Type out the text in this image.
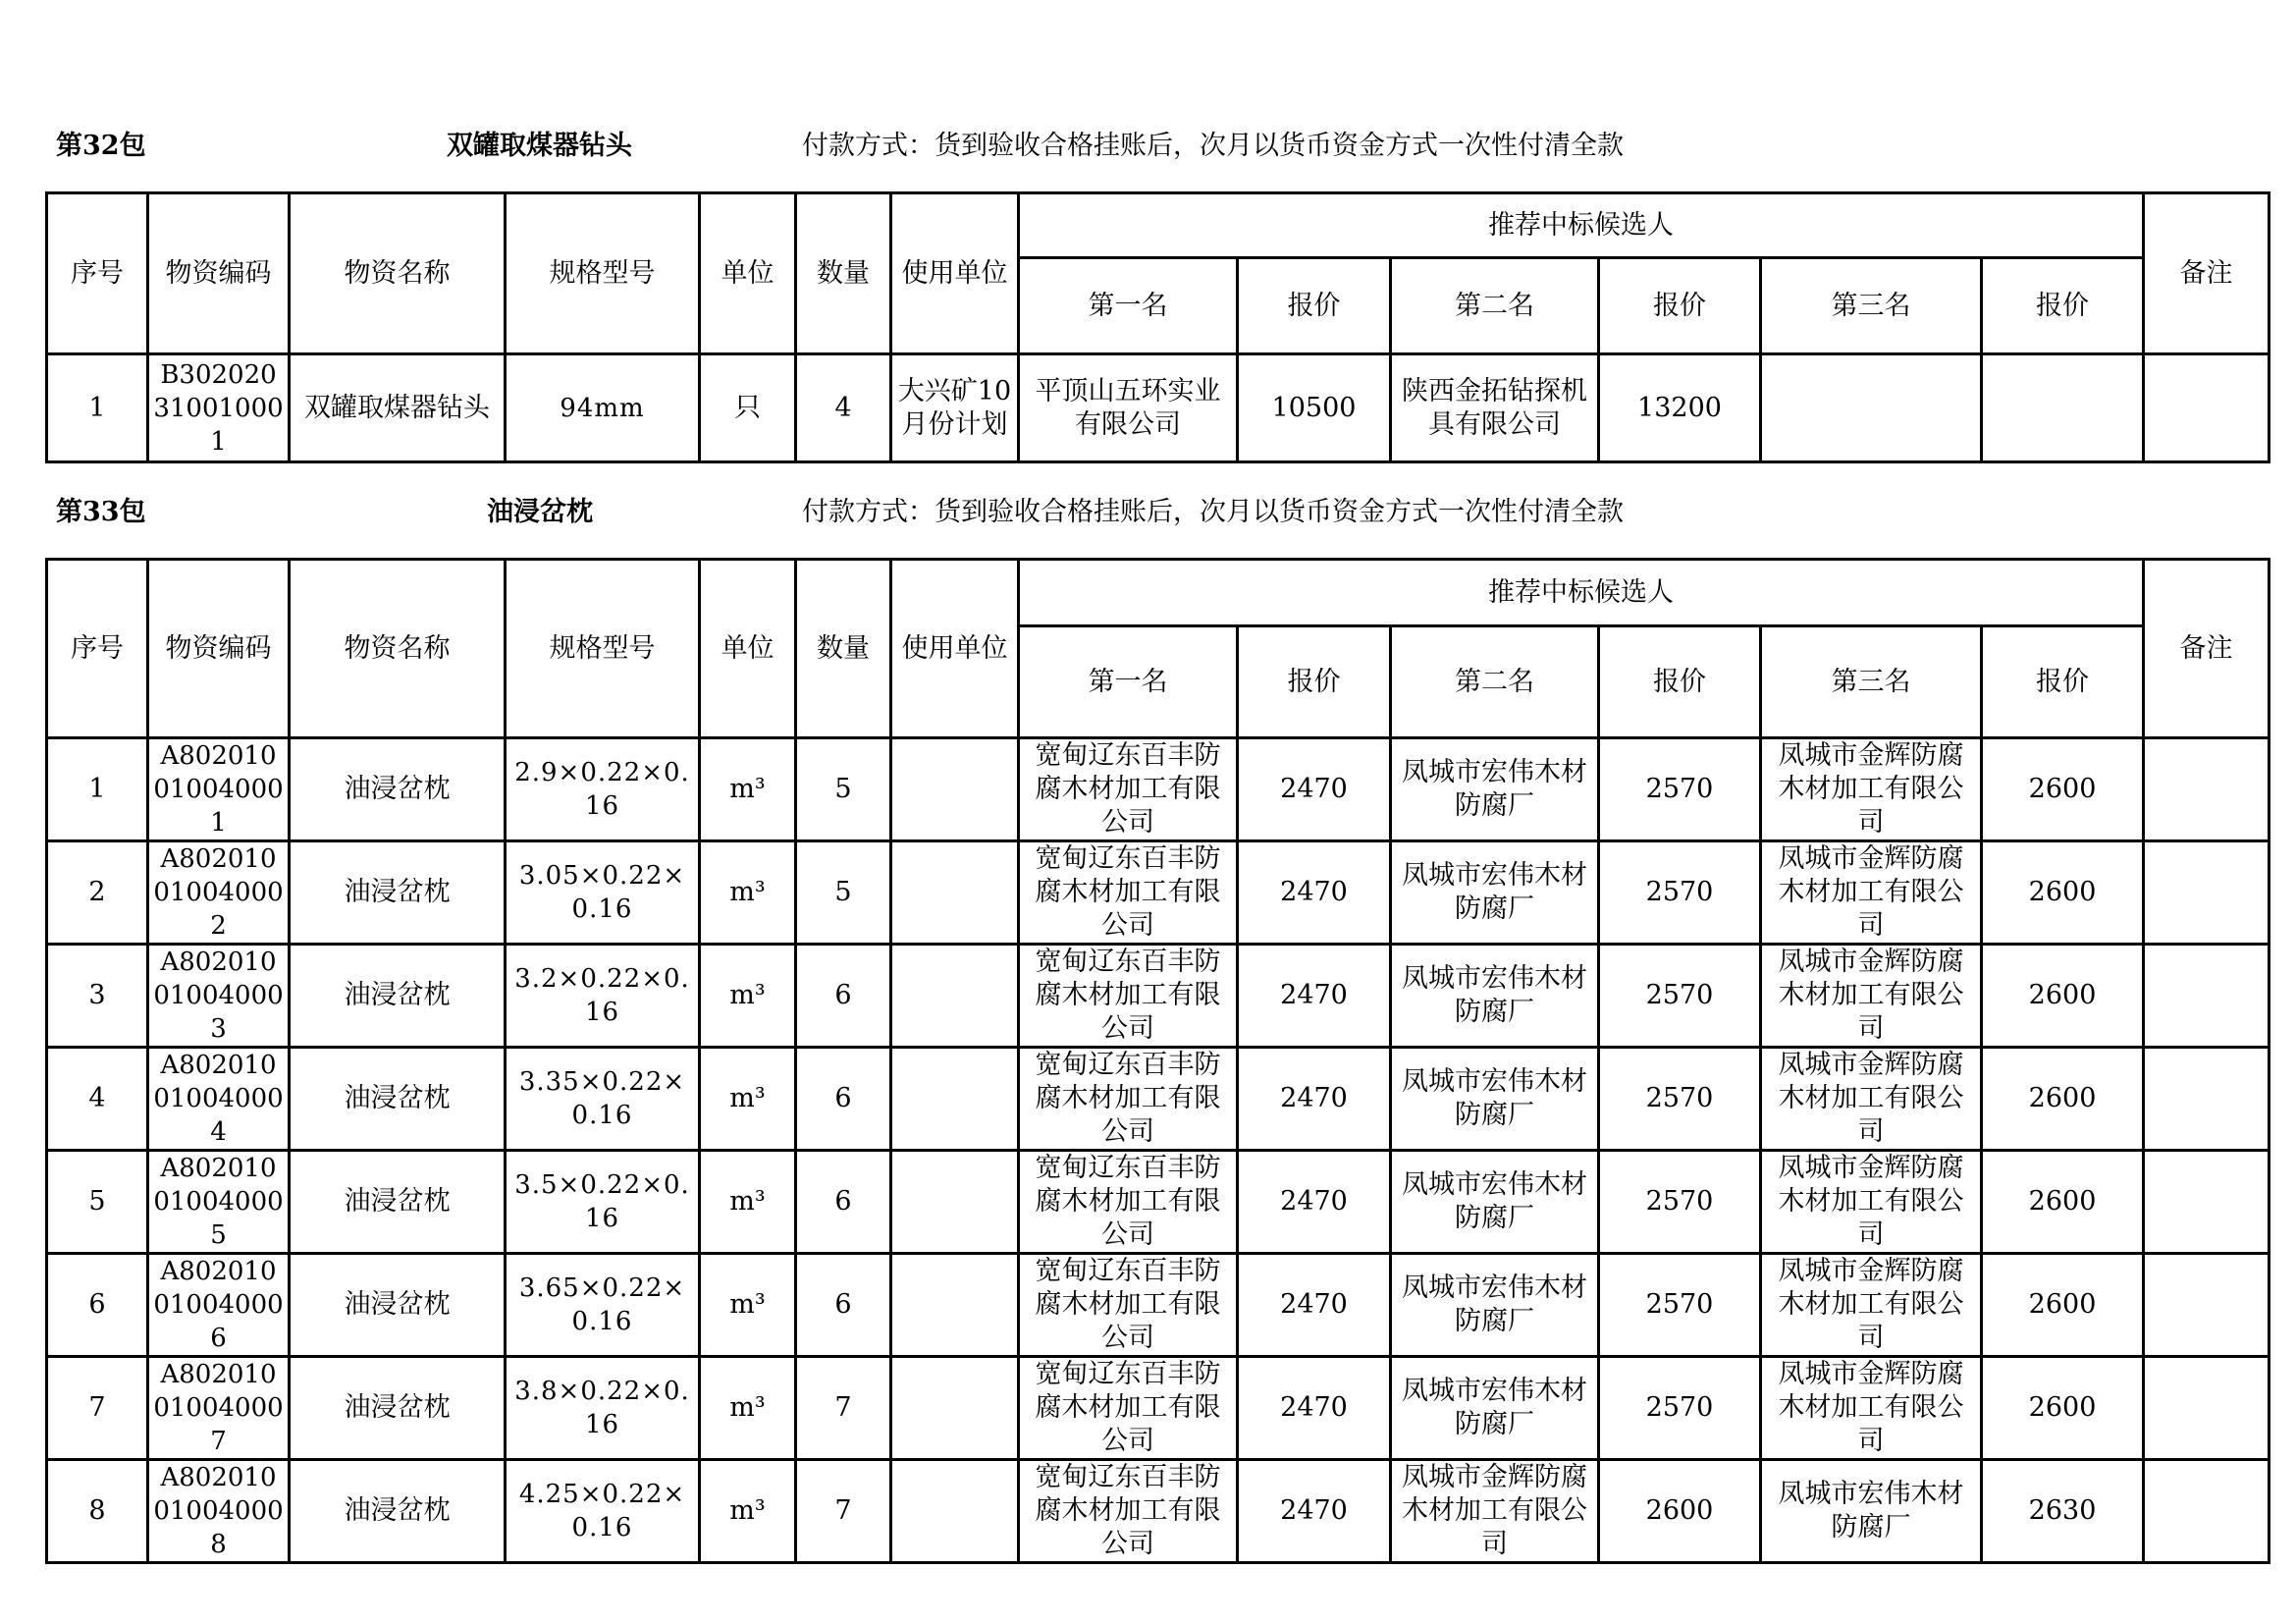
第32包	双罐取煤器钻头	付款方式：货到验收合格挂账后，次月以货币资金方式一次性付清全款
序号	物资编码	物资名称	规格型号	单位	数量	使用单位	推荐中标候选人						备注
							第一名	报价	第二名	报价	第三名	报价	
1	B302020310010001	双罐取煤器钻头	94mm	只	4	大兴矿10月份计划	平顶山五环实业有限公司	10500	陕西金拓钻探机具有限公司	13200			
第33包	油浸岔枕	付款方式：货到验收合格挂账后，次月以货币资金方式一次性付清全款
序号	物资编码	物资名称	规格型号	单位	数量	使用单位	推荐中标候选人						备注
							第一名	报价	第二名	报价	第三名	报价	
1	A802010010040001	油浸岔枕	2.9×0.22×0.16	m³	5		宽甸辽东百丰防腐木材加工有限公司	2470	凤城市宏伟木材防腐厂	2570	凤城市金辉防腐木材加工有限公司	2600	
2	A802010010040002	油浸岔枕	3.05×0.22×0.16	m³	5		宽甸辽东百丰防腐木材加工有限公司	2470	凤城市宏伟木材防腐厂	2570	凤城市金辉防腐木材加工有限公司	2600	
3	A802010010040003	油浸岔枕	3.2×0.22×0.16	m³	6		宽甸辽东百丰防腐木材加工有限公司	2470	凤城市宏伟木材防腐厂	2570	凤城市金辉防腐木材加工有限公司	2600	
4	A802010010040004	油浸岔枕	3.35×0.22×0.16	m³	6		宽甸辽东百丰防腐木材加工有限公司	2470	凤城市宏伟木材防腐厂	2570	凤城市金辉防腐木材加工有限公司	2600	
5	A802010010040005	油浸岔枕	3.5×0.22×0.16	m³	6		宽甸辽东百丰防腐木材加工有限公司	2470	凤城市宏伟木材防腐厂	2570	凤城市金辉防腐木材加工有限公司	2600	
6	A802010010040006	油浸岔枕	3.65×0.22×0.16	m³	6		宽甸辽东百丰防腐木材加工有限公司	2470	凤城市宏伟木材防腐厂	2570	凤城市金辉防腐木材加工有限公司	2600	
7	A802010010040007	油浸岔枕	3.8×0.22×0.16	m³	7		宽甸辽东百丰防腐木材加工有限公司	2470	凤城市宏伟木材防腐厂	2570	凤城市金辉防腐木材加工有限公司	2600	
8	A802010010040008	油浸岔枕	4.25×0.22×0.16	m³	7		宽甸辽东百丰防腐木材加工有限公司	2470	凤城市金辉防腐木材加工有限公司	2600	凤城市宏伟木材防腐厂	2630	
